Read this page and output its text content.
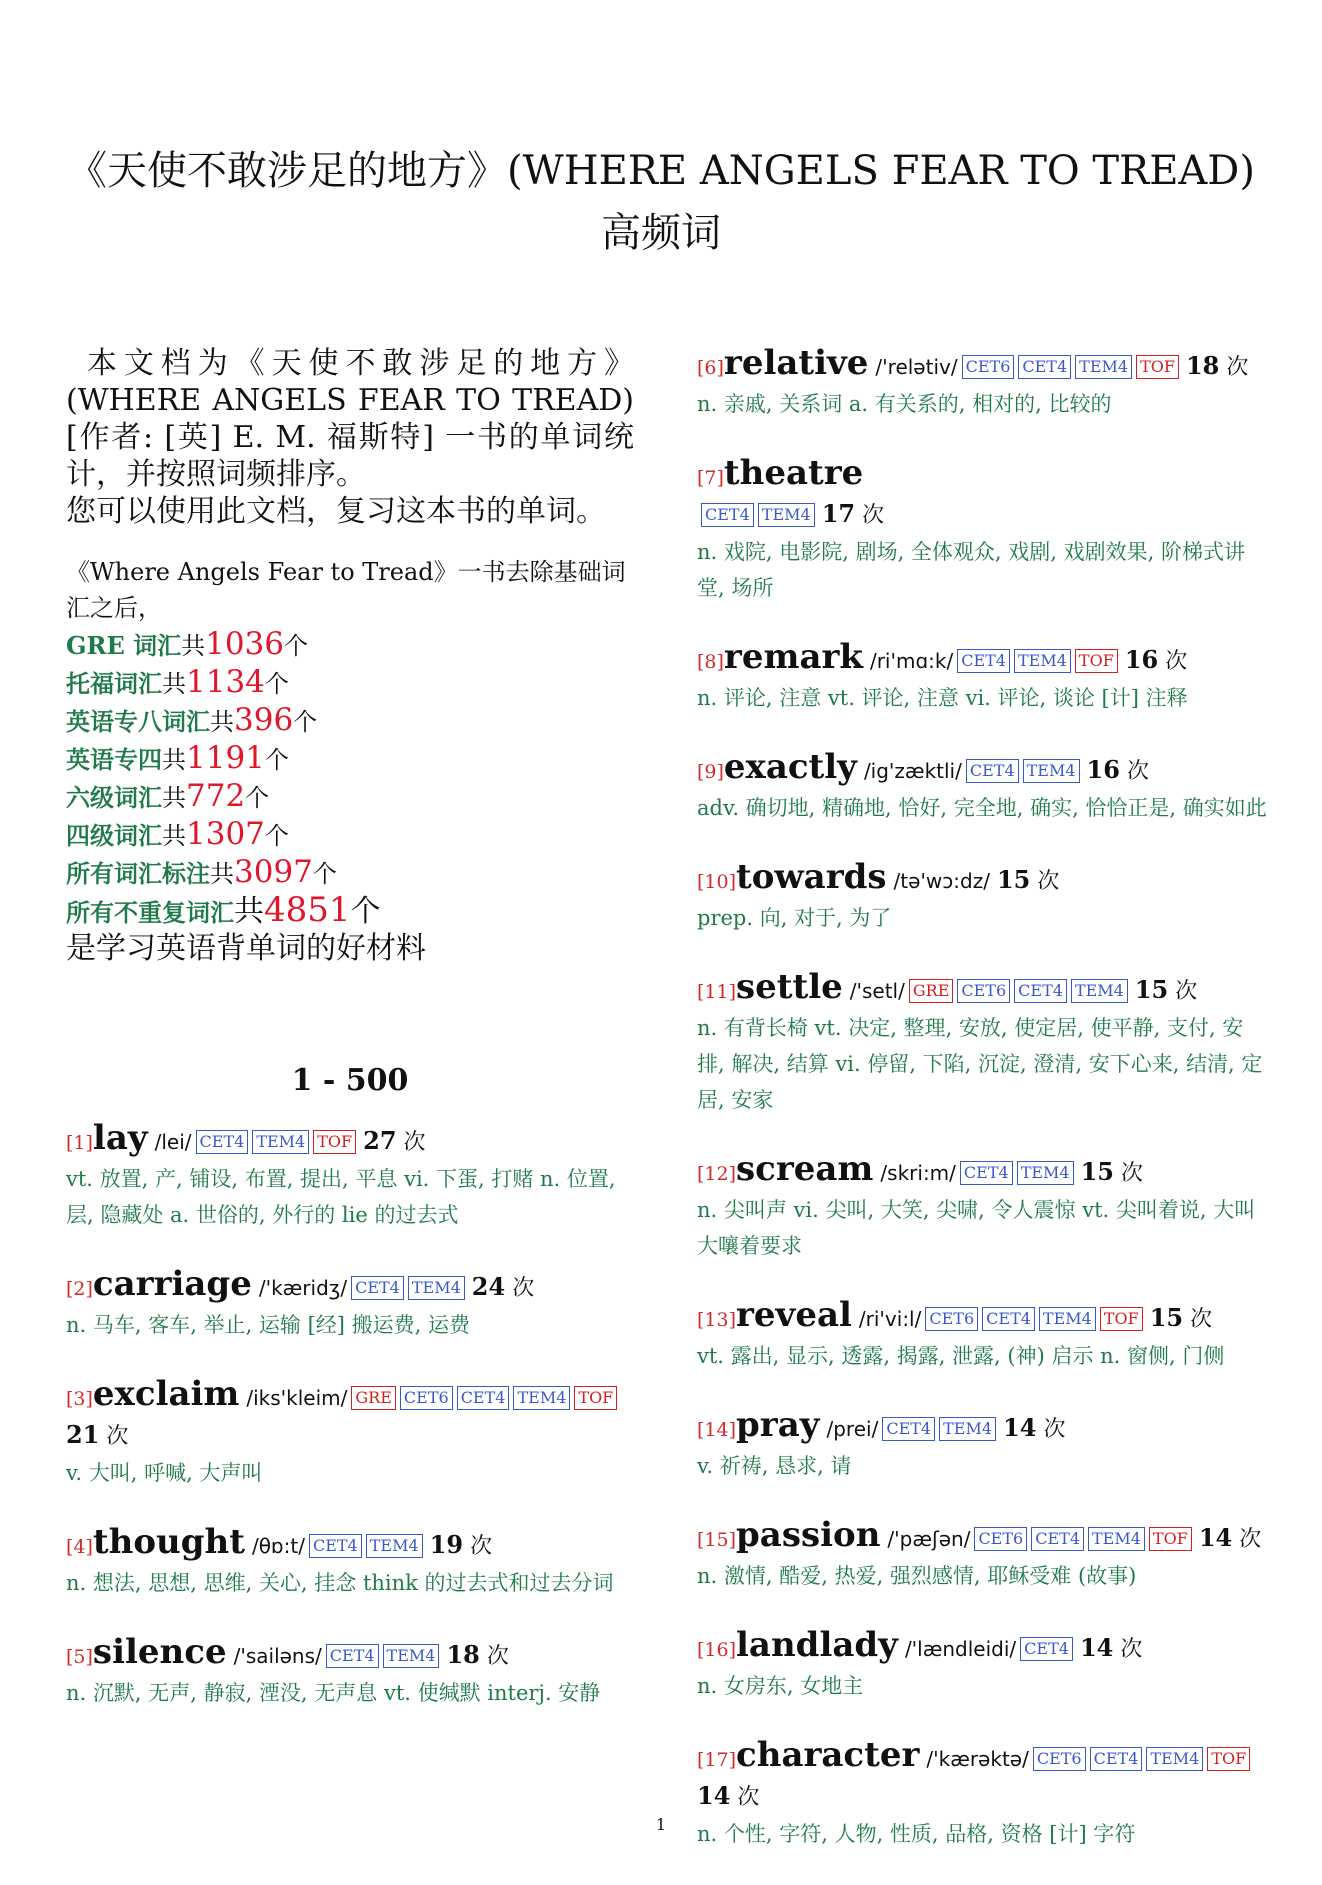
《天使不敢涉足的地方》(WHERE ANGELS FEAR TO TREAD) 高频词
本文档为《天使不敢涉足的地方》(WHERE ANGELS FEAR TO TREAD)[作者: [英] E. M. 福斯特] 一书的单词统计，并按照词频排序。
您可以使用此文档，复习这本书的单词。
《Where Angels Fear to Tread》一书去除基础词汇之后，
GRE 词汇共1036个
托福词汇共1134个
英语专八词汇共396个
英语专四共1191个
六级词汇共772个
四级词汇共1307个
所有词汇标注共3097个
所有不重复词汇共4851个
是学习英语背单词的好材料
1 - 500
[1]lay /lei/ CET4 TEM4 TOF 27 次
vt. 放置, 产, 铺设, 布置, 提出, 平息 vi. 下蛋, 打赌 n. 位置, 层, 隐藏处 a. 世俗的, 外行的 lie 的过去式
[2]carriage /'kæridʒ/ CET4 TEM4 24 次
n. 马车, 客车, 举止, 运输 [经] 搬运费, 运费
[3]exclaim /iks'kleim/ GRE CET6 CET4 TEM4 TOF 21 次
v. 大叫, 呼喊, 大声叫
[4]thought /θɒ:t/ CET4 TEM4 19 次
n. 想法, 思想, 思维, 关心, 挂念 think 的过去式和过去分词
[5]silence /'sailəns/ CET4 TEM4 18 次
n. 沉默, 无声, 静寂, 湮没, 无声息 vt. 使缄默 interj. 安静
[6]relative /'relətiv/ CET6 CET4 TEM4 TOF 18 次
n. 亲戚, 关系词 a. 有关系的, 相对的, 比较的
[7]theatre
CET4 TEM4 17 次
n. 戏院, 电影院, 剧场, 全体观众, 戏剧, 戏剧效果, 阶梯式讲堂, 场所
[8]remark /ri'mɑ:k/ CET4 TEM4 TOF 16 次
n. 评论, 注意 vt. 评论, 注意 vi. 评论, 谈论 [计] 注释
[9]exactly /ig'zæktli/ CET4 TEM4 16 次
adv. 确切地, 精确地, 恰好, 完全地, 确实, 恰恰正是, 确实如此
[10]towards /tə'wɔ:dz/ 15 次
prep. 向, 对于, 为了
[11]settle /'setl/ GRE CET6 CET4 TEM4 15 次
n. 有背长椅 vt. 决定, 整理, 安放, 使定居, 使平静, 支付, 安排, 解决, 结算 vi. 停留, 下陷, 沉淀, 澄清, 安下心来, 结清, 定居, 安家
[12]scream /skri:m/ CET4 TEM4 15 次
n. 尖叫声 vi. 尖叫, 大笑, 尖啸, 令人震惊 vt. 尖叫着说, 大叫大嚷着要求
[13]reveal /ri'vi:l/ CET6 CET4 TEM4 TOF 15 次
vt. 露出, 显示, 透露, 揭露, 泄露, (神) 启示 n. 窗侧, 门侧
[14]pray /prei/ CET4 TEM4 14 次
v. 祈祷, 恳求, 请
[15]passion /'pæʃən/ CET6 CET4 TEM4 TOF 14 次
n. 激情, 酷爱, 热爱, 强烈感情, 耶稣受难 (故事)
[16]landlady /'lændleidi/ CET4 14 次
n. 女房东, 女地主
[17]character /'kærəktə/ CET6 CET4 TEM4 TOF 14 次
n. 个性, 字符, 人物, 性质, 品格, 资格 [计] 字符
1
